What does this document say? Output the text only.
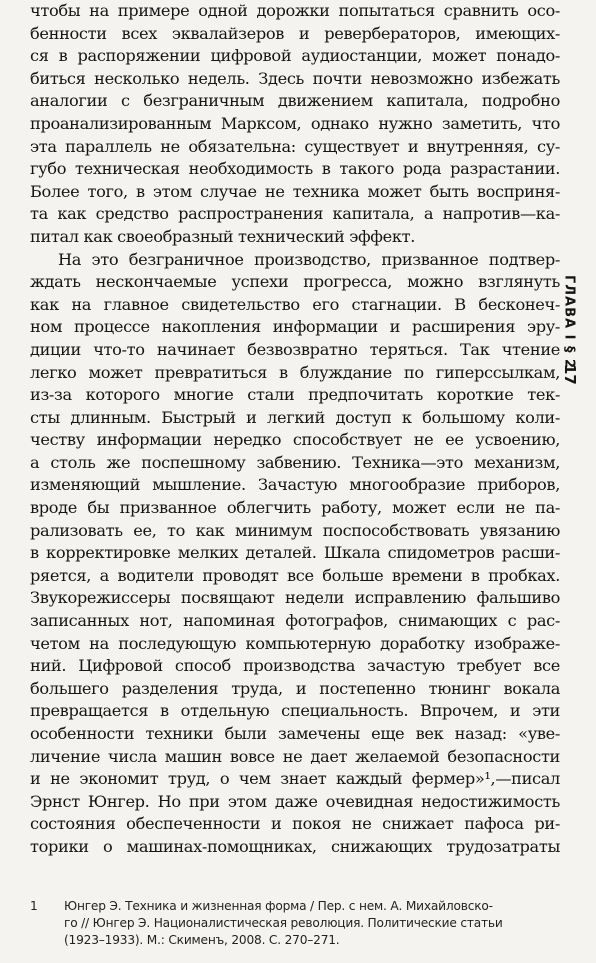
чтобы на примере одной дорожки попытаться сравнить осо-
бенности всех эквалайзеров и ревербераторов, имеющих-
ся в распоряжении цифровой аудиостанции, может понадо-
биться несколько недель. Здесь почти невозможно избежать
аналогии с безграничным движением капитала, подробно
проанализированным Марксом, однако нужно заметить, что
эта параллель не обязательна: существует и внутренняя, су-
губо техническая необходимость в такого рода разрастании.
Более того, в этом случае не техника может быть восприня-
та как средство распространения капитала, а напротив—ка-
питал как своеобразный технический эффект.
На это безграничное производство, призванное подтвер-
ждать нескончаемые успехи прогресса, можно взглянуть
как на главное свидетельство его стагнации. В бесконеч-
ном процессе накопления информации и расширения эру-
диции что-то начинает безвозвратно теряться. Так чтение
легко может превратиться в блуждание по гиперссылкам,
из-за которого многие стали предпочитать короткие тек-
сты длинным. Быстрый и легкий доступ к большому коли-
честву информации нередко способствует не ее усвоению,
а столь же поспешному забвению. Техника—это механизм,
изменяющий мышление. Зачастую многообразие приборов,
вроде бы призванное облегчить работу, может если не па-
рализовать ее, то как минимум поспособствовать увязанию
в корректировке мелких деталей. Шкала спидометров расши-
ряется, а водители проводят все больше времени в пробках.
Звукорежиссеры посвящают недели исправлению фальшиво
записанных нот, напоминая фотографов, снимающих с рас-
четом на последующую компьютерную доработку изображе-
ний. Цифровой способ производства зачастую требует все
большего разделения труда, и постепенно тюнинг вокала
превращается в отдельную специальность. Впрочем, и эти
особенности техники были замечены еще век назад: «уве-
личение числа машин вовсе не дает желаемой безопасности
и не экономит труд, о чем знает каждый фермер»¹,—писал
Эрнст Юнгер. Но при этом даже очевидная недостижимость
состояния обеспеченности и покоя не снижает пафоса ри-
торики о машинах-помощниках, снижающих трудозатраты
1 Юнгер Э. Техника и жизненная форма / Пер. с нем. А. Михайловско-
го // Юнгер Э. Националистическая революция. Политические статьи
(1923–1933). М.: Скименъ, 2008. С. 270–271.
ГЛАВА I § 2
17
